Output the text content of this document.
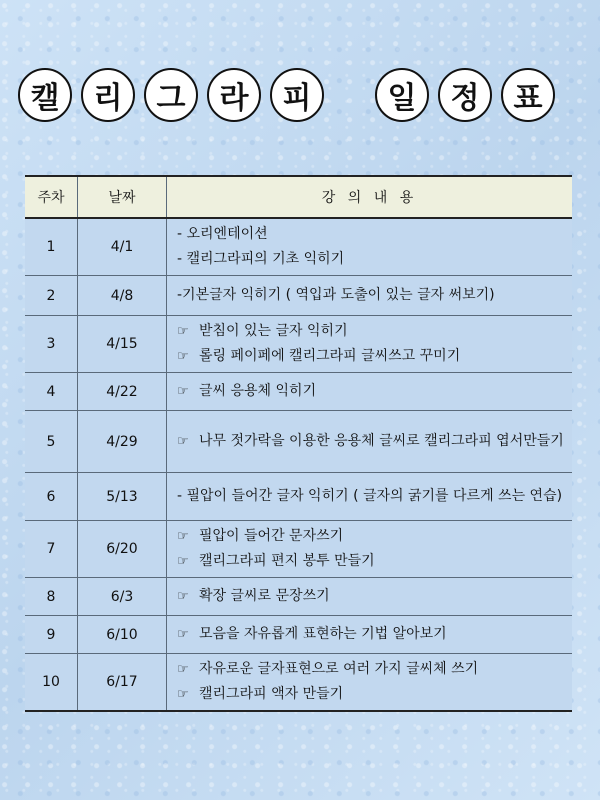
캘	리	그	라	피	일	정	표
주차	날짜	강 의 내 용
1	4/1	- 오리엔테이션
- 캘리그라피의 기초 익히기

2	4/8	-기본글자 익히기 ( 역입과 도출이 있는 글자 써보기)

3	4/15	☞ 받침이 있는 글자 익히기
☞ 롤링 페이페에 캘리그라피 글씨쓰고 꾸미기

4	4/22	☞ 글씨 응용체 익히기

5	4/29	☞ 나무 젓가락을 이용한 응용체 글씨로 캘리그라피 엽서만들기

6	5/13	- 필압이 들어간 글자 익히기 ( 글자의 굵기를 다르게 쓰는 연습)

7	6/20	☞ 필압이 들어간 문자쓰기
☞ 캘리그라피 편지 봉투 만들기

8	6/3	☞ 확장 글씨로 문장쓰기

9	6/10	☞ 모음을 자유롭게 표현하는 기법 알아보기

10	6/17	☞ 자유로운 글자표현으로 여러 가지 글씨체 쓰기
☞ 캘리그라피 액자 만들기
